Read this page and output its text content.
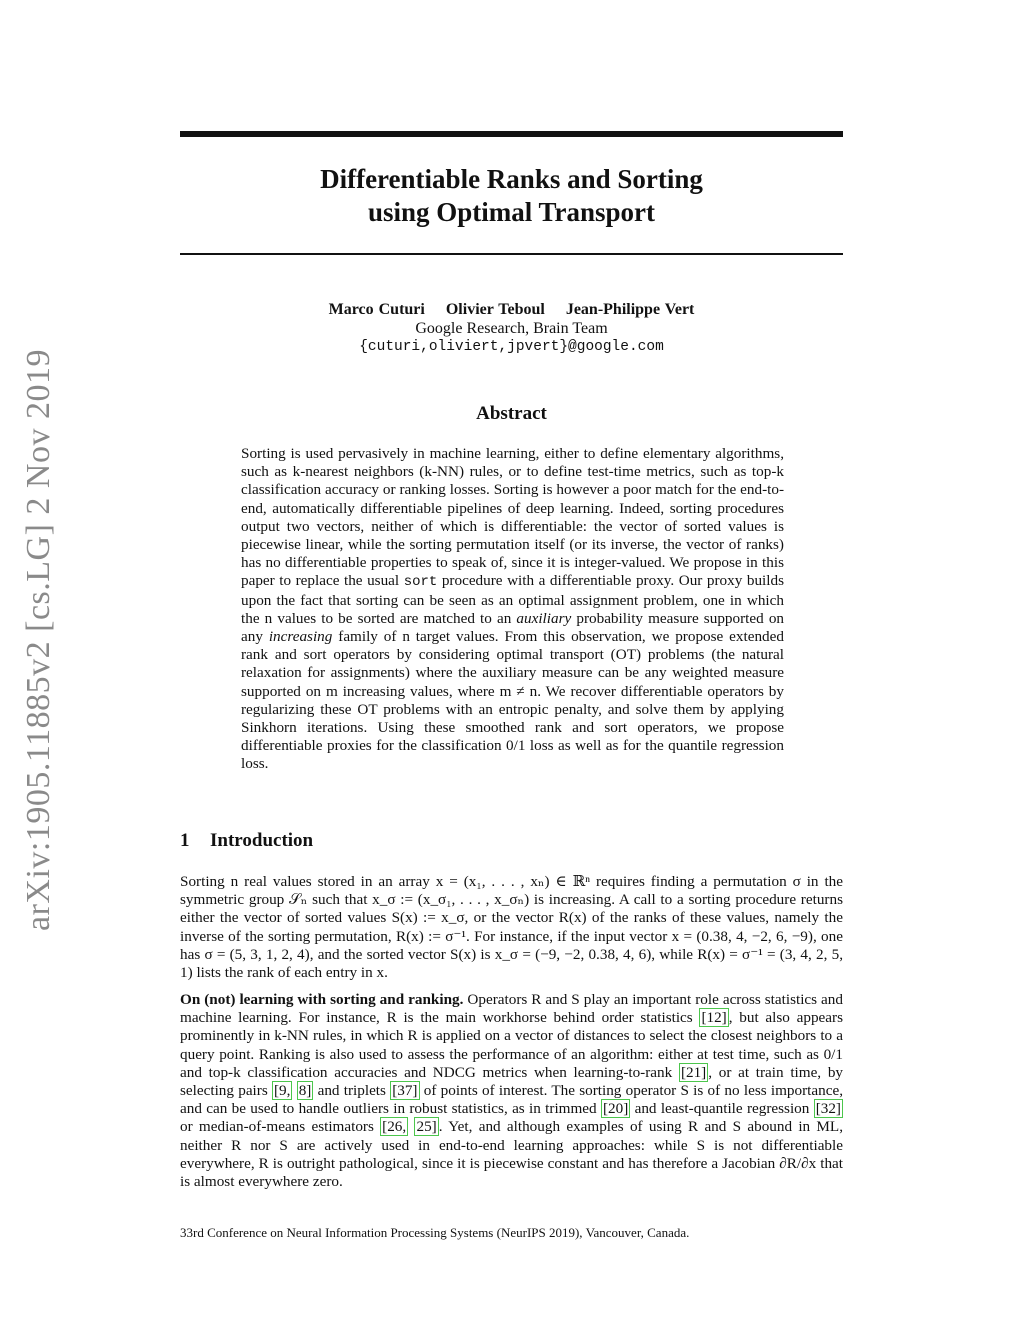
arXiv:1905.11885v2 [cs.LG] 2 Nov 2019
Differentiable Ranks and Sorting
using Optimal Transport
Marco Cuturi Olivier Teboul Jean-Philippe Vert
Google Research, Brain Team
{cuturi,oliviert,jpvert}@google.com
Abstract

Sorting is used pervasively in machine learning, either to define elementary algorithms, such as k-nearest neighbors (k-NN) rules, or to define test-time metrics, such as top-k classification accuracy or ranking losses. Sorting is however a poor match for the end-to-end, automatically differentiable pipelines of deep learning. Indeed, sorting procedures output two vectors, neither of which is differentiable: the vector of sorted values is piecewise linear, while the sorting permutation itself (or its inverse, the vector of ranks) has no differentiable properties to speak of, since it is integer-valued. We propose in this paper to replace the usual sort procedure with a differentiable proxy. Our proxy builds upon the fact that sorting can be seen as an optimal assignment problem, one in which the n values to be sorted are matched to an auxiliary probability measure supported on any increasing family of n target values. From this observation, we propose extended rank and sort operators by considering optimal transport (OT) problems (the natural relaxation for assignments) where the auxiliary measure can be any weighted measure supported on m increasing values, where m ≠ n. We recover differentiable operators by regularizing these OT problems with an entropic penalty, and solve them by applying Sinkhorn iterations. Using these smoothed rank and sort operators, we propose differentiable proxies for the classification 0/1 loss as well as for the quantile regression loss.

1 Introduction

Sorting n real values stored in an array x = (x₁, . . . , xₙ) ∈ ℝⁿ requires finding a permutation σ in the symmetric group 𝒮ₙ such that x_σ := (x_σ₁, . . . , x_σₙ) is increasing. A call to a sorting procedure returns either the vector of sorted values S(x) := x_σ, or the vector R(x) of the ranks of these values, namely the inverse of the sorting permutation, R(x) := σ⁻¹. For instance, if the input vector x = (0.38, 4, −2, 6, −9), one has σ = (5, 3, 1, 2, 4), and the sorted vector S(x) is x_σ = (−9, −2, 0.38, 4, 6), while R(x) = σ⁻¹ = (3, 4, 2, 5, 1) lists the rank of each entry in x.

On (not) learning with sorting and ranking. Operators R and S play an important role across statistics and machine learning. For instance, R is the main workhorse behind order statistics [12] , but also appears prominently in k-NN rules, in which R is applied on a vector of distances to select the closest neighbors to a query point. Ranking is also used to assess the performance of an algorithm: either at test time, such as 0/1 and top-k classification accuracies and NDCG metrics when learning-to-rank [21] , or at train time, by selecting pairs [9, 8] and triplets [37] of points of interest. The sorting operator S is of no less importance, and can be used to handle outliers in robust statistics, as in trimmed [20] and least-quantile regression [32] or median-of-means estimators [26, 25] . Yet, and although examples of using R and S abound in ML, neither R nor S are actively used in end-to-end learning approaches: while S is not differentiable everywhere, R is outright pathological, since it is piecewise constant and has therefore a Jacobian ∂R/∂x that is almost everywhere zero.

33rd Conference on Neural Information Processing Systems (NeurIPS 2019), Vancouver, Canada.
